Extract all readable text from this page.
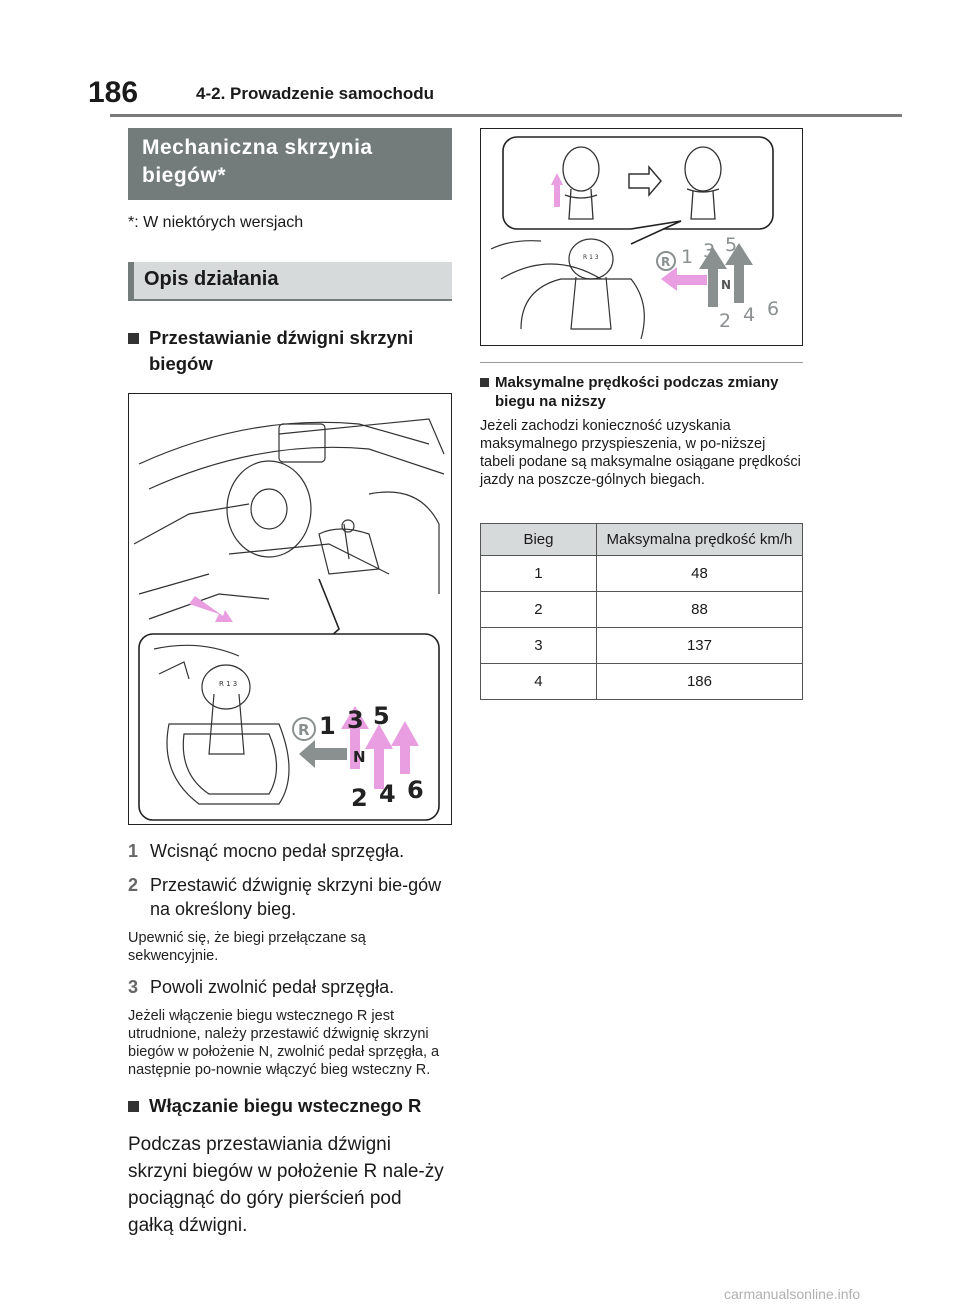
186	4-2. Prowadzenie samochodu
Mechaniczna skrzynia
biegów*
*: W niektórych wersjach
Opis działania
Przestawianie dźwigni skrzyni biegów
R 1 3
R 1 3 5
N
2 4 6
1 Wcisnąć mocno pedał sprzęgła.
2 Przestawić dźwignię skrzyni bie-gów na określony bieg.
Upewnić się, że biegi przełączane są sekwencyjnie.
3 Powoli zwolnić pedał sprzęgła.
Jeżeli włączenie biegu wstecznego R jest utrudnione, należy przestawić dźwignię skrzyni biegów w położenie N, zwolnić pedał sprzęgła, a następnie po-nownie włączyć bieg wsteczny R.
Włączanie biegu wstecznego R
Podczas przestawiania dźwigni skrzyni biegów w położenie R nale-ży pociągnąć do góry pierścień pod gałką dźwigni.
R 1 3	R 1 3 5
N
2 4 6
Maksymalne prędkości podczas zmiany biegu na niższy
Jeżeli zachodzi konieczność uzyskania maksymalnego przyspieszenia, w po-niższej tabeli podane są maksymalne osiągane prędkości jazdy na poszcze-gólnych biegach.
Bieg	Maksymalna prędkość km/h
1	48
2	88
3	137
4	186
carmanualsonline.info
